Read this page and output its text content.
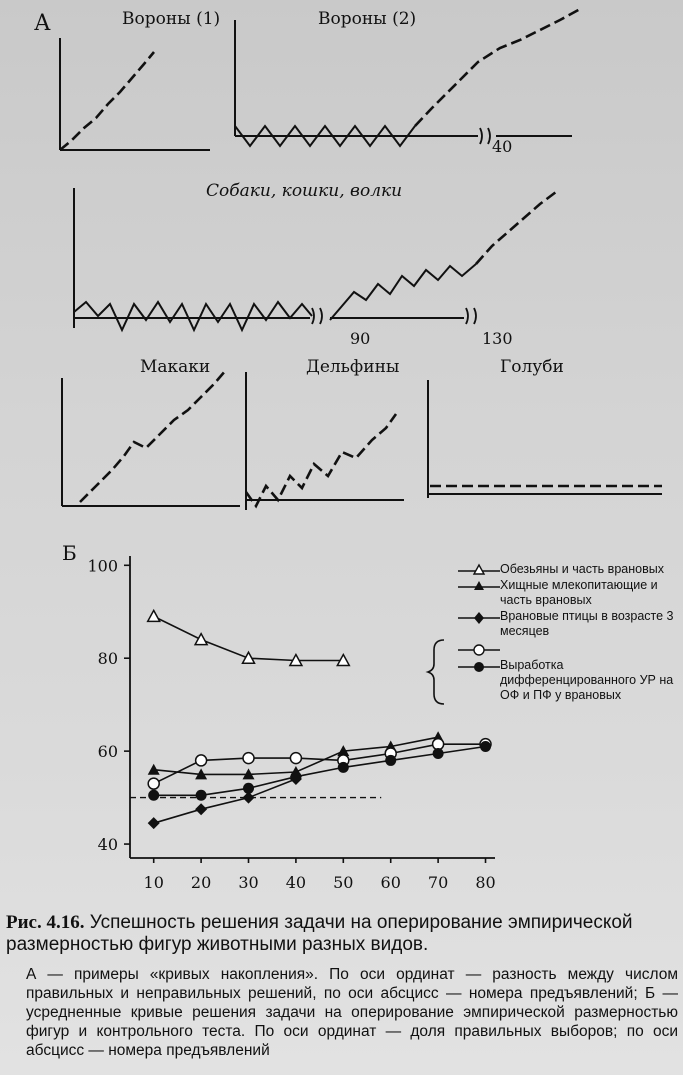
А	Вороны (1)	Вороны (2)
40
Собаки, кошки, волки
90	130
Макаки	Дельфины	Голуби
Б
40
60
80
100
10 20 30 40 50 60 70 80
Обезьяны и часть врановых
Хищные млекопитающие и часть врановых
Врановые птицы в возрасте 3 месяцев
Выработка дифференцированного УР на ОФ и ПФ у врановых
Рис. 4.16. Успешность решения задачи на оперирование эмпирической размерностью фигур животными разных видов.
А — примеры «кривых накопления». По оси ординат — разность между числом правильных и неправильных решений, по оси абсцисс — номера предъявлений; Б — усредненные кривые решения задачи на оперирование эмпирической размерностью фигур и контрольного теста. По оси ординат — доля правильных выборов; по оси абсцисс — номера предъявлений
